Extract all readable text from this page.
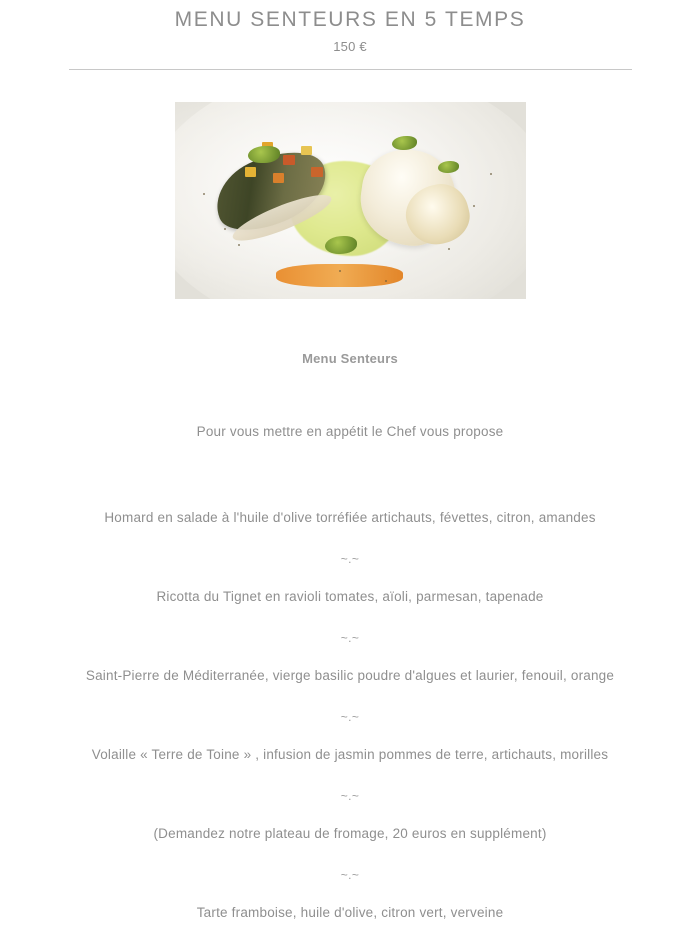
MENU SENTEURS EN 5 TEMPS
150 €
Menu Senteurs
Pour vous mettre en appétit le Chef vous propose
Homard en salade à l'huile d'olive torréfiée artichauts, févettes, citron, amandes
~.~
Ricotta du Tignet en ravioli tomates, aïoli, parmesan, tapenade
~.~
Saint-Pierre de Méditerranée, vierge basilic poudre d'algues et laurier, fenouil, orange
~.~
Volaille « Terre de Toine » , infusion de jasmin pommes de terre, artichauts, morilles
~.~
(Demandez notre plateau de fromage, 20 euros en supplément)
~.~
Tarte framboise, huile d'olive, citron vert, verveine
